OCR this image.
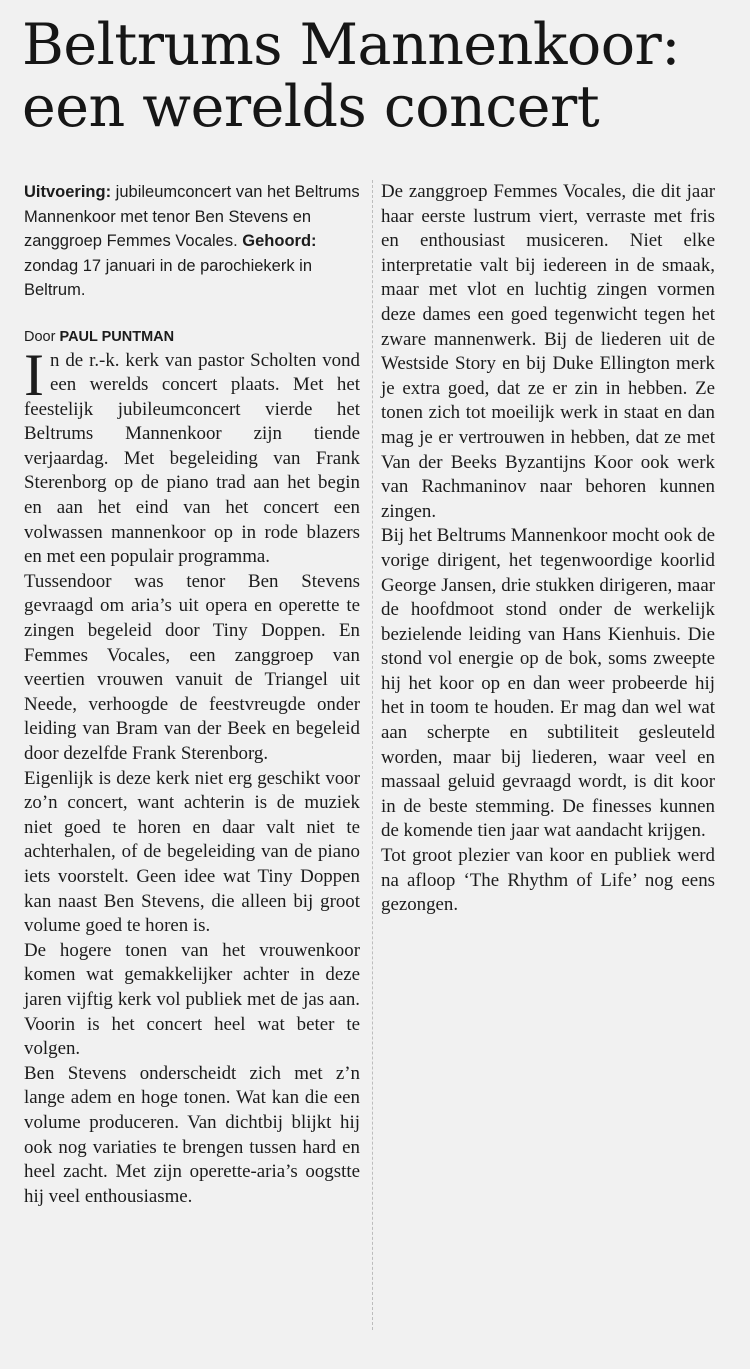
Beltrums Mannenkoor:
een werelds concert

Uitvoering: jubileumconcert van het Beltrums Mannenkoor met tenor Ben Stevens en zanggroep Femmes Vocales. Gehoord: zondag 17 januari in de parochiekerk in Beltrum.

Door PAUL PUNTMAN

In de r.-k. kerk van pastor Scholten vond een werelds concert plaats. Met het feestelijk jubileumconcert vierde het Beltrums Mannenkoor zijn tiende verjaardag. Met begeleiding van Frank Sterenborg op de piano trad aan het begin en aan het eind van het concert een volwassen mannenkoor op in rode blazers en met een populair programma.

Tussendoor was tenor Ben Stevens gevraagd om aria’s uit opera en operette te zingen begeleid door Tiny Doppen. En Femmes Vocales, een zanggroep van veertien vrouwen vanuit de Triangel uit Neede, verhoogde de feestvreugde onder leiding van Bram van der Beek en begeleid door dezelfde Frank Sterenborg.

Eigenlijk is deze kerk niet erg geschikt voor zo’n concert, want achterin is de muziek niet goed te horen en daar valt niet te achterhalen, of de begeleiding van de piano iets voorstelt. Geen idee wat Tiny Doppen kan naast Ben Stevens, die alleen bij groot volume goed te horen is.

De hogere tonen van het vrouwenkoor komen wat gemakkelijker achter in deze jaren vijftig kerk vol publiek met de jas aan. Voorin is het concert heel wat beter te volgen.

Ben Stevens onderscheidt zich met z’n lange adem en hoge tonen. Wat kan die een volume produceren. Van dichtbij blijkt hij ook nog variaties te brengen tussen hard en heel zacht. Met zijn operette-aria’s oogstte hij veel enthousiasme.

De zanggroep Femmes Vocales, die dit jaar haar eerste lustrum viert, verraste met fris en enthousiast musiceren. Niet elke interpretatie valt bij iedereen in de smaak, maar met vlot en luchtig zingen vormen deze dames een goed tegenwicht tegen het zware mannenwerk. Bij de liederen uit de Westside Story en bij Duke Ellington merk je extra goed, dat ze er zin in hebben. Ze tonen zich tot moeilijk werk in staat en dan mag je er vertrouwen in hebben, dat ze met Van der Beeks Byzantijns Koor ook werk van Rachmaninov naar behoren kunnen zingen.

Bij het Beltrums Mannenkoor mocht ook de vorige dirigent, het tegenwoordige koorlid George Jansen, drie stukken dirigeren, maar de hoofdmoot stond onder de werkelijk bezielende leiding van Hans Kienhuis. Die stond vol energie op de bok, soms zweepte hij het koor op en dan weer probeerde hij het in toom te houden. Er mag dan wel wat aan scherpte en subtiliteit gesleuteld worden, maar bij liederen, waar veel en massaal geluid gevraagd wordt, is dit koor in de beste stemming. De finesses kunnen de komende tien jaar wat aandacht krijgen.

Tot groot plezier van koor en publiek werd na afloop ‘The Rhythm of Life’ nog eens gezongen.
